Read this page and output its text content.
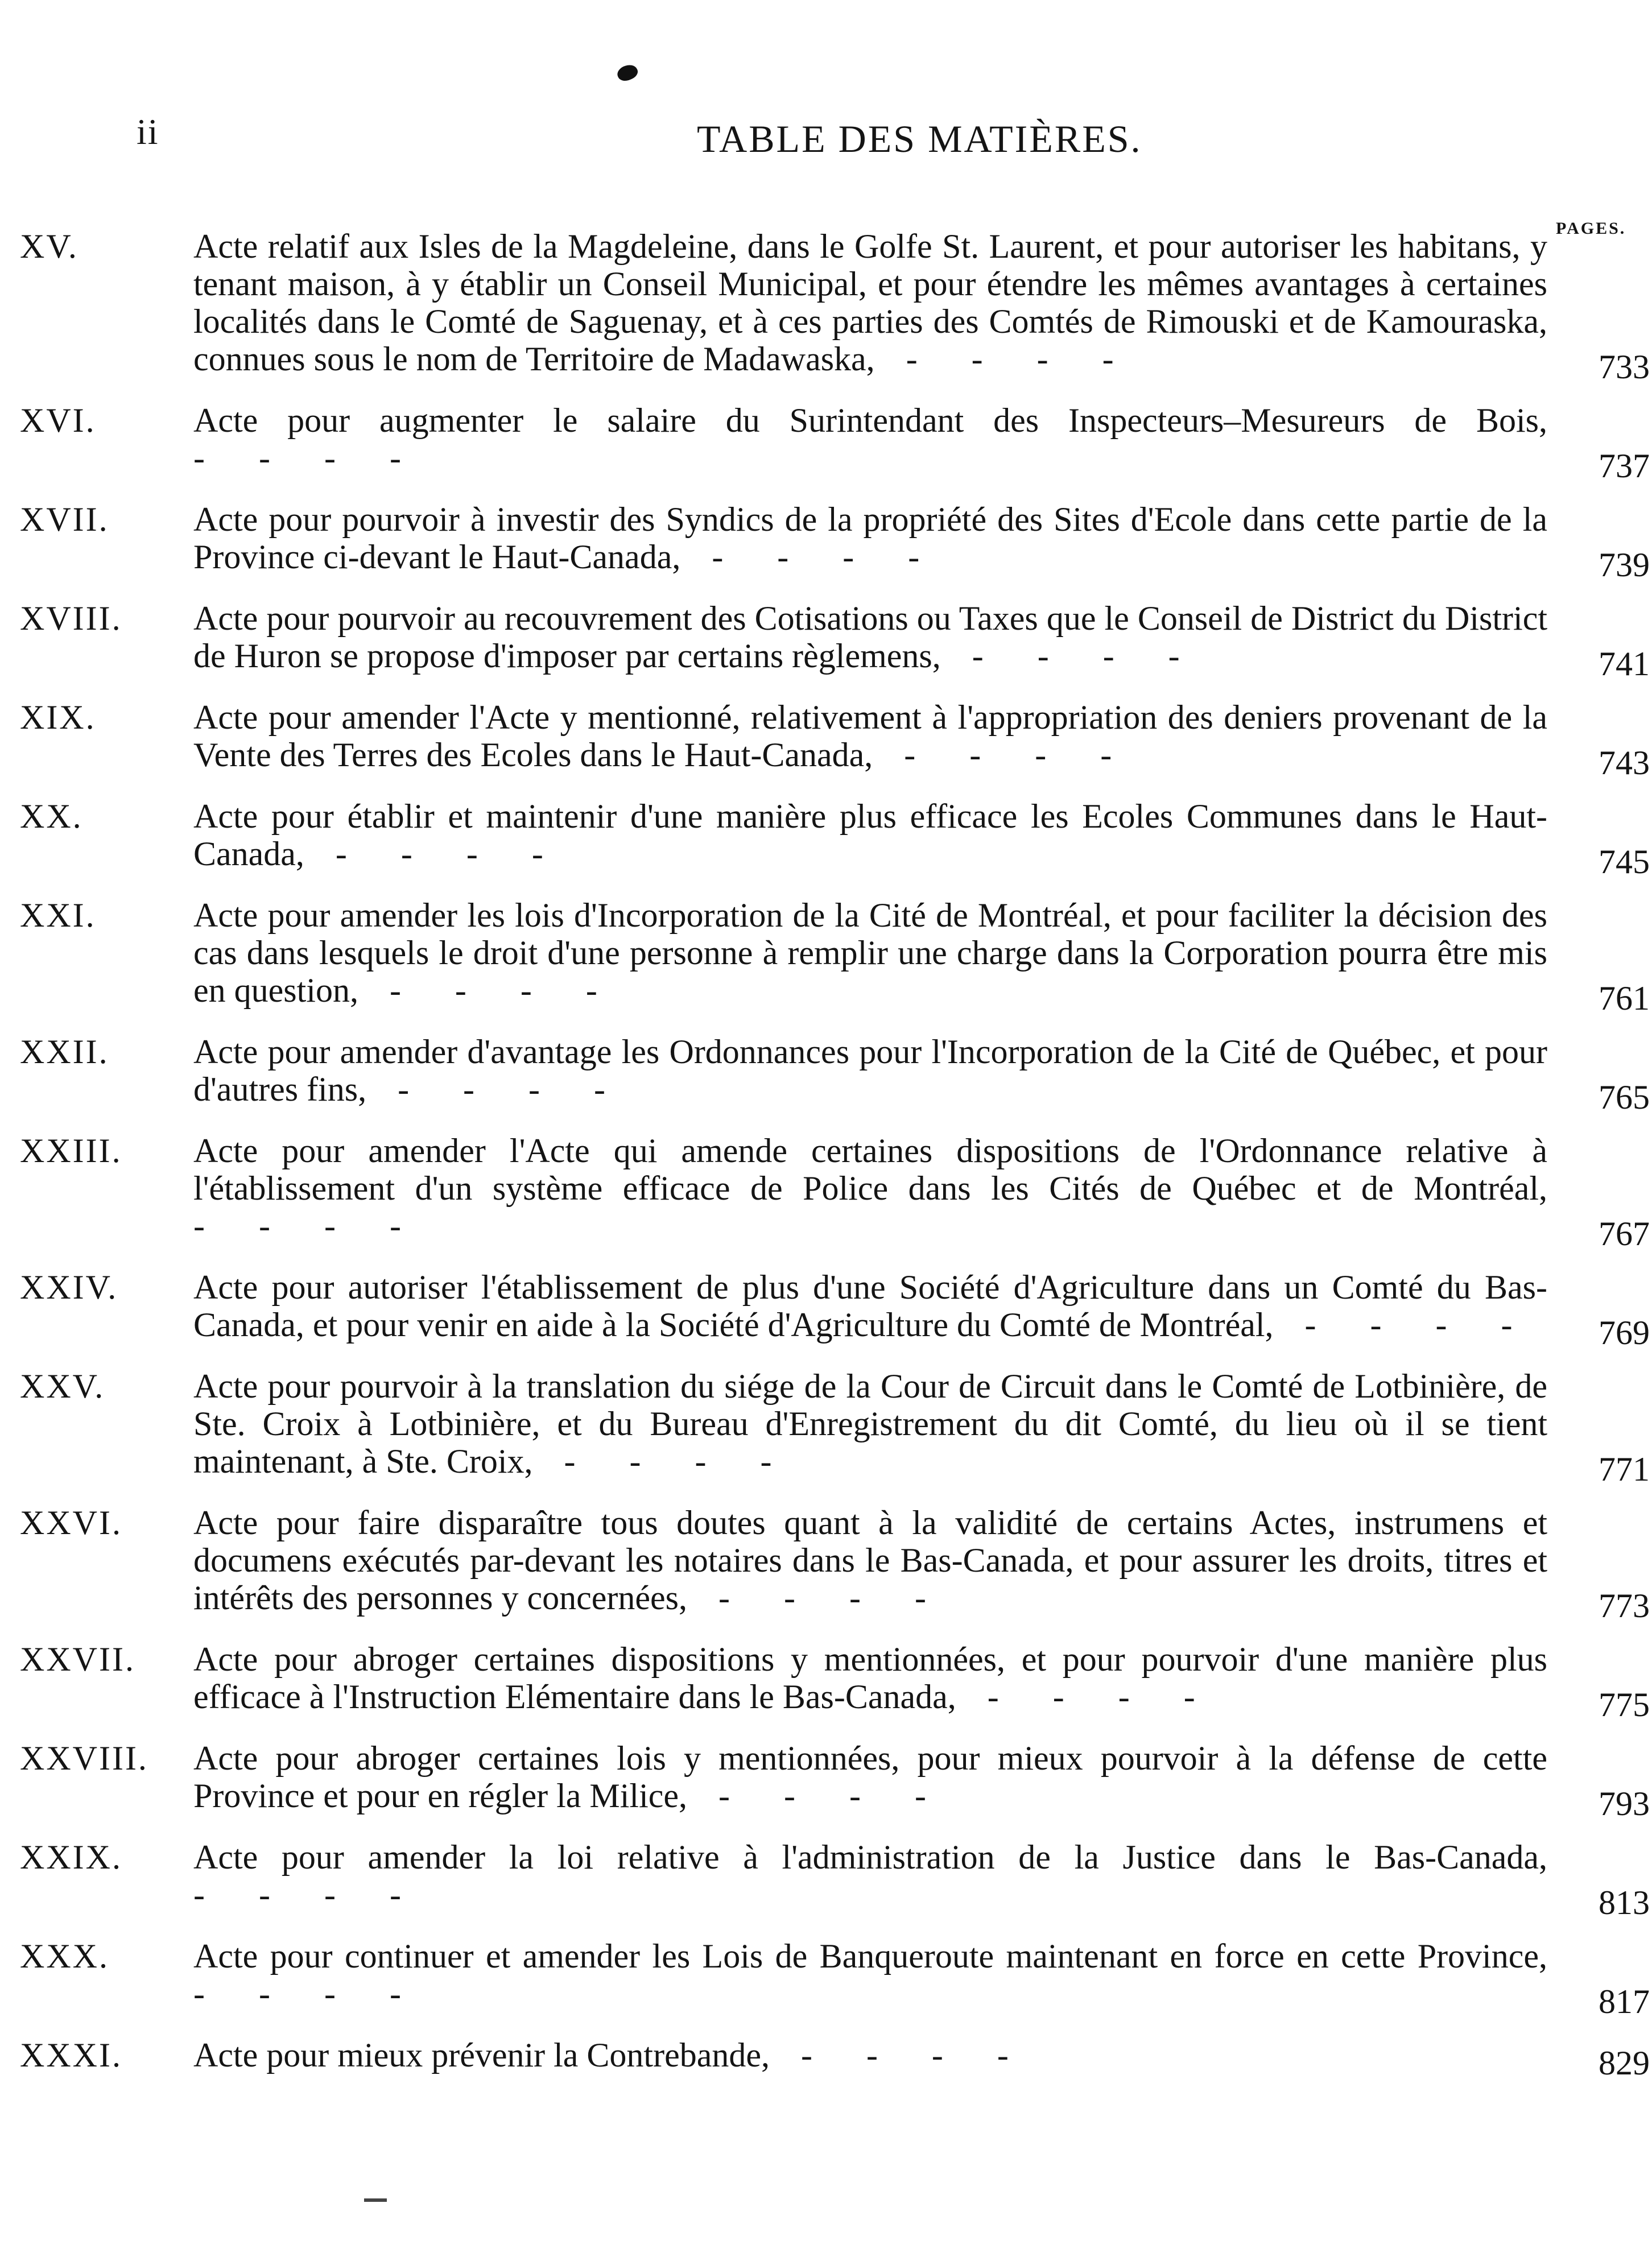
ii	TABLE DES MATIÈRES.
PAGES.
XV.	Acte relatif aux Isles de la Magdeleine, dans le Golfe St. Laurent, et pour autoriser les habitans, y tenant maison, à y établir un Conseil Municipal, et pour étendre les mêmes avantages à certaines localités dans le Comté de Saguenay, et à ces parties des Comtés de Rimouski et de Kamouraska, connues sous le nom de Territoire de Madawaska, - - - -	733
XVI.	Acte pour augmenter le salaire du Surintendant des Inspecteurs–Mesureurs de Bois, - - - -	737
XVII. Acte pour pourvoir à investir des Syndics de la propriété des Sites d'Ecole dans cette partie de la Province ci-devant le Haut-Canada, - - - -	739
XVIII. Acte pour pourvoir au recouvrement des Cotisations ou Taxes que le Conseil de District du District de Huron se propose d'imposer par certains règlemens, - - - -	741
XIX.	Acte pour amender l'Acte y mentionné, relativement à l'appropriation des deniers provenant de la Vente des Terres des Ecoles dans le Haut-Canada, - - - -	743
XX.	Acte pour établir et maintenir d'une manière plus efficace les Ecoles Communes dans le Haut-Canada, - - - -	745
XXI.	Acte pour amender les lois d'Incorporation de la Cité de Montréal, et pour faciliter la décision des cas dans lesquels le droit d'une personne à remplir une charge dans la Corporation pourra être mis en question, - - - -	761
XXII. Acte pour amender d'avantage les Ordonnances pour l'Incorporation de la Cité de Québec, et pour d'autres fins, - - - -	765
XXIII. Acte pour amender l'Acte qui amende certaines dispositions de l'Ordonnance relative à l'établissement d'un système efficace de Police dans les Cités de Québec et de Montréal, - - - -	767
XXIV. Acte pour autoriser l'établissement de plus d'une Société d'Agriculture dans un Comté du Bas-Canada, et pour venir en aide à la Société d'Agriculture du Comté de Montréal, - - - - 769
XXV.	Acte pour pourvoir à la translation du siége de la Cour de Circuit dans le Comté de Lotbinière, de Ste. Croix à Lotbinière, et du Bureau d'Enregistrement du dit Comté, du lieu où il se tient maintenant, à Ste. Croix, - - - -	771
XXVI. Acte pour faire disparaître tous doutes quant à la validité de certains Actes, instrumens et documens exécutés par-devant les notaires dans le Bas-Canada, et pour assurer les droits, titres et intérêts des personnes y concernées, - - - -	773
XXVII. Acte pour abroger certaines dispositions y mentionnées, et pour pourvoir d'une manière plus efficace à l'Instruction Elémentaire dans le Bas-Canada, - - - -	775
XXVIII. Acte pour abroger certaines lois y mentionnées, pour mieux pourvoir à la défense de cette Province et pour en régler la Milice, - - - -	793
XXIX. Acte pour amender la loi relative à l'administration de la Justice dans le Bas-Canada, - - - -	813
XXX. Acte pour continuer et amender les Lois de Banqueroute maintenant en force en cette Province, - - - -	817
XXXI. Acte pour mieux prévenir la Contrebande, - - - -	829
